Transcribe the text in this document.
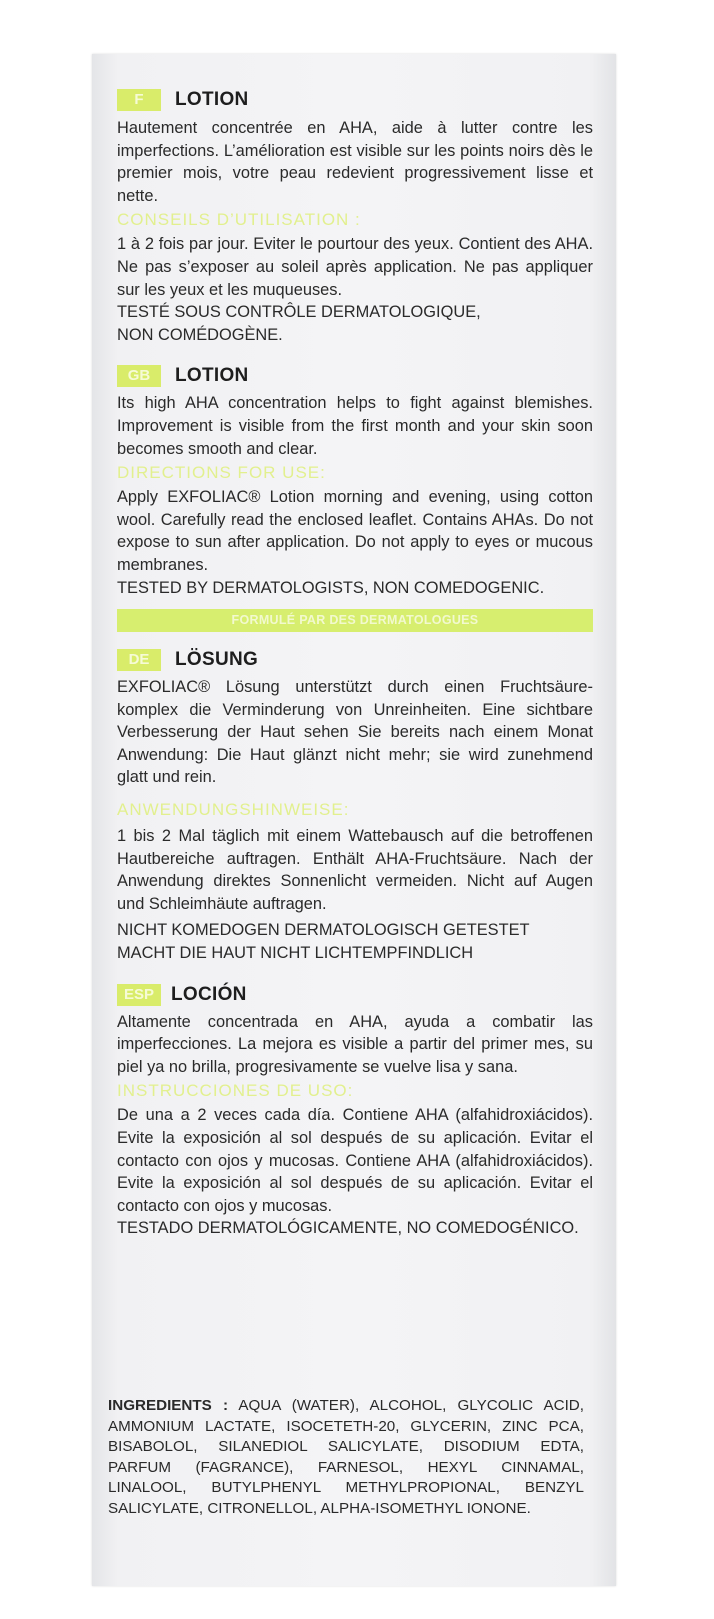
F	LOTION

Hautement concentrée en AHA, aide à lutter contre les imperfections. L’amélioration est visible sur les points noirs dès le premier mois, votre peau redevient progressivement lisse et nette.

CONSEILS D’UTILISATION :

1 à 2 fois par jour. Eviter le pourtour des yeux. Contient des AHA. Ne pas s’exposer au soleil après application. Ne pas appliquer sur les yeux et les muqueuses.

TESTÉ SOUS CONTRÔLE DERMATOLOGIQUE, NON COMÉDOGÈNE.

GB	LOTION

Its high AHA concentration helps to fight against blemishes. Improvement is visible from the first month and your skin soon becomes smooth and clear.

DIRECTIONS FOR USE:

Apply EXFOLIAC® Lotion morning and evening, using cotton wool. Carefully read the enclosed leaflet. Contains AHAs. Do not expose to sun after application. Do not apply to eyes or mucous membranes.

TESTED BY DERMATOLOGISTS, NON COMEDOGENIC.

FORMULÉ PAR DES DERMATOLOGUES
DE	LÖSUNG

EXFOLIAC® Lösung unterstützt durch einen Fruchtsäure-komplex die Verminderung von Unreinheiten. Eine sichtbare Verbesserung der Haut sehen Sie bereits nach einem Monat Anwendung: Die Haut glänzt nicht mehr; sie wird zunehmend glatt und rein.

ANWENDUNGSHINWEISE:

1 bis 2 Mal täglich mit einem Wattebausch auf die betroffenen Hautbereiche auftragen. Enthält AHA-Fruchtsäure. Nach der Anwendung direktes Sonnenlicht vermeiden. Nicht auf Augen und Schleimhäute auftragen.

NICHT KOMEDOGEN DERMATOLOGISCH GETESTET

MACHT DIE HAUT NICHT LICHTEMPFINDLICH

ESP LOCIÓN

Altamente concentrada en AHA, ayuda a combatir las imperfecciones. La mejora es visible a partir del primer mes, su piel ya no brilla, progresivamente se vuelve lisa y sana.

INSTRUCCIONES DE USO:

De una a 2 veces cada día. Contiene AHA (alfahidroxiácidos). Evite la exposición al sol después de su aplicación. Evitar el contacto con ojos y mucosas. Contiene AHA (alfahidroxiácidos). Evite la exposición al sol después de su aplicación. Evitar el contacto con ojos y mucosas.

TESTADO DERMATOLÓGICAMENTE, NO COMEDOGÉNICO.

INGREDIENTS : AQUA (WATER), ALCOHOL, GLYCOLIC ACID, AMMONIUM LACTATE, ISOCETETH-20, GLYCERIN, ZINC PCA, BISABOLOL, SILANEDIOL SALICYLATE, DISODIUM EDTA, PARFUM (FAGRANCE), FARNESOL, HEXYL CINNAMAL, LINALOOL, BUTYLPHENYL METHYLPROPIONAL, BENZYL SALICYLATE, CITRONELLOL, ALPHA-ISOMETHYL IONONE.
